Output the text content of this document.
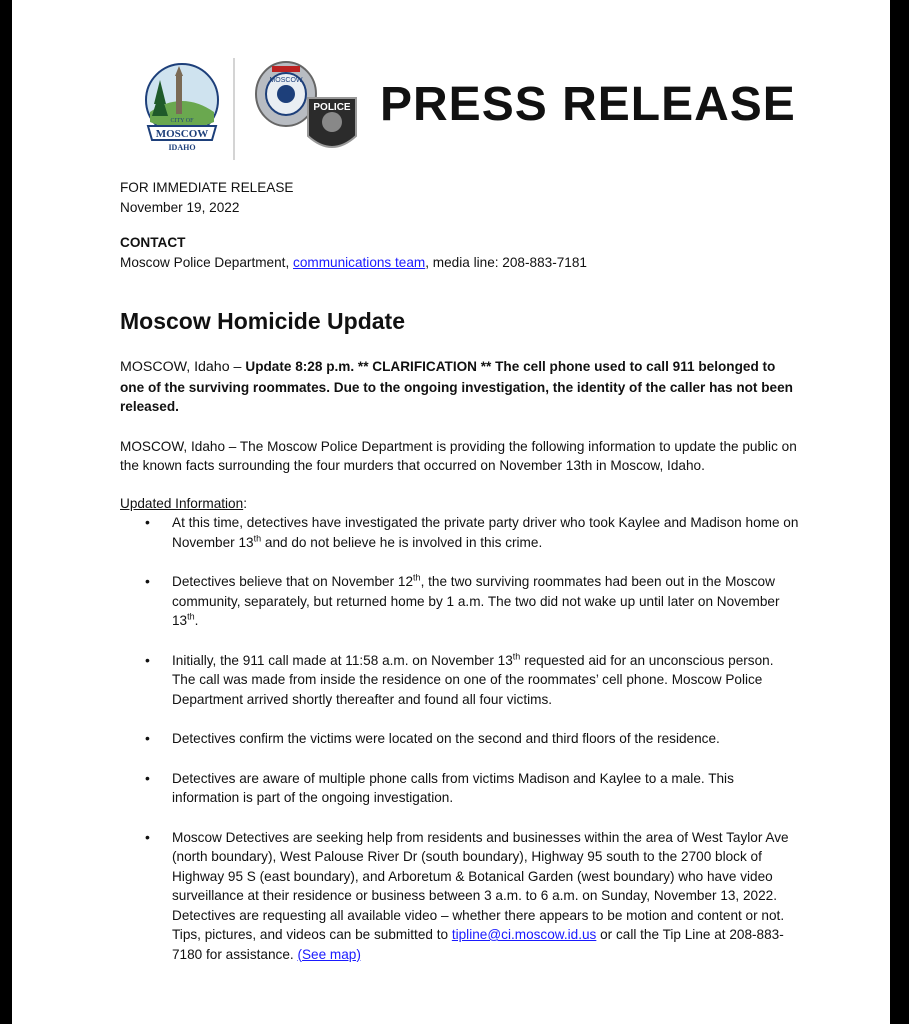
MOSCOW
CITY OF
IDAHO
MOSCOW
POLICE PRESS RELEASE

FOR IMMEDIATE RELEASE

November 19, 2022

CONTACT
Moscow Police Department, communications team, media line: 208-883-7181
Moscow Homicide Update

MOSCOW, Idaho – Update 8:28 p.m. ** CLARIFICATION ** The cell phone used to call 911 belonged to one of the surviving roommates. Due to the ongoing investigation, the identity of the caller has not been released.

MOSCOW, Idaho – The Moscow Police Department is providing the following information to update the public on the known facts surrounding the four murders that occurred on November 13th in Moscow, Idaho.

Updated Information:
• At this time, detectives have investigated the private party driver who took Kaylee and Madison home on November 13th and do not believe he is involved in this crime.
• Detectives believe that on November 12th, the two surviving roommates had been out in the Moscow community, separately, but returned home by 1 a.m. The two did not wake up until later on November 13th.
• Initially, the 911 call made at 11:58 a.m. on November 13th requested aid for an unconscious person. The call was made from inside the residence on one of the roommates’ cell phone. Moscow Police Department arrived shortly thereafter and found all four victims.
• Detectives confirm the victims were located on the second and third floors of the residence.
• Detectives are aware of multiple phone calls from victims Madison and Kaylee to a male. This information is part of the ongoing investigation.
• Moscow Detectives are seeking help from residents and businesses within the area of West Taylor Ave (north boundary), West Palouse River Dr (south boundary), Highway 95 south to the 2700 block of Highway 95 S (east boundary), and Arboretum & Botanical Garden (west boundary) who have video surveillance at their residence or business between 3 a.m. to 6 a.m. on Sunday, November 13, 2022. Detectives are requesting all available video – whether there appears to be motion and content or not. Tips, pictures, and videos can be submitted to tipline@ci.moscow.id.us or call the Tip Line at 208-883-7180 for assistance. (See map)
